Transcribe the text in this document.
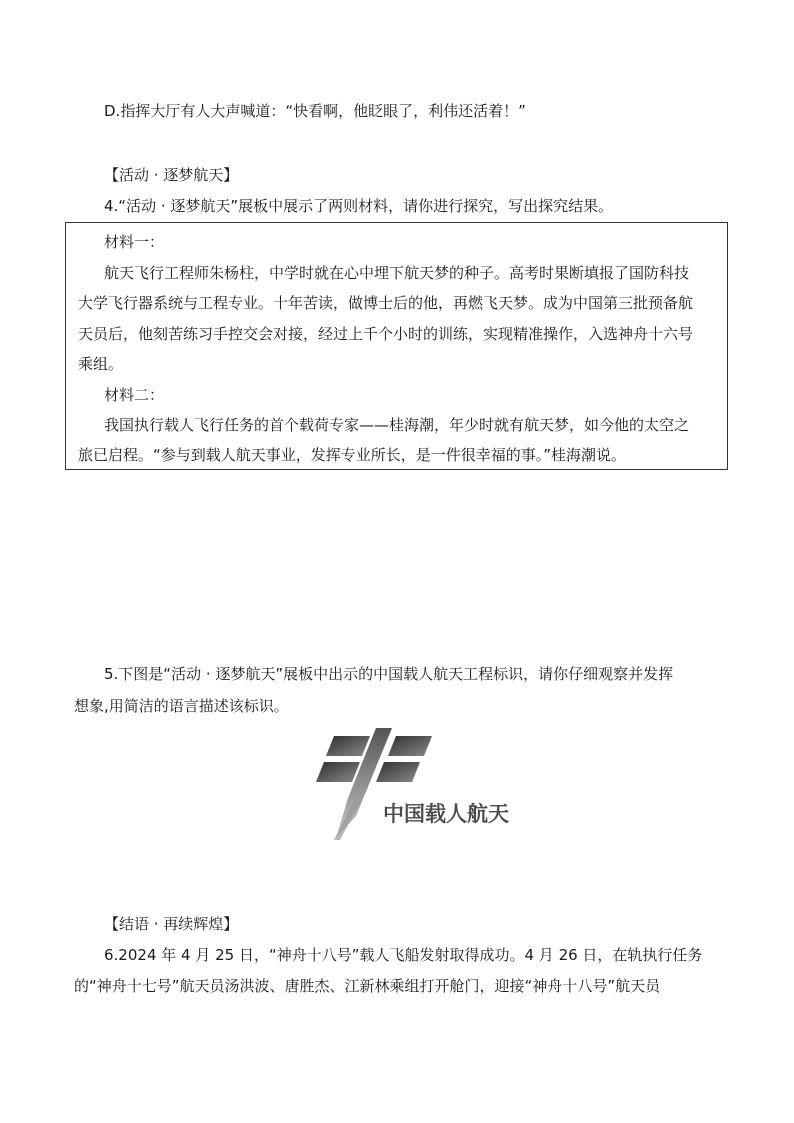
D.指挥大厅有人大声喊道：“快看啊，他眨眼了，利伟还活着！”
【活动 · 逐梦航天】
4.“活动 · 逐梦航天”展板中展示了两则材料，请你进行探究，写出探究结果。
材料一：
航天飞行工程师朱杨柱，中学时就在心中埋下航天梦的种子。高考时果断填报了国防科技
大学飞行器系统与工程专业。十年苦读，做博士后的他，再燃飞天梦。成为中国第三批预备航
天员后，他刻苦练习手控交会对接，经过上千个小时的训练，实现精准操作，入选神舟十六号
乘组。
材料二：
我国执行载人飞行任务的首个载荷专家——桂海潮，年少时就有航天梦，如今他的太空之
旅已启程。“参与到载人航天事业，发挥专业所长，是一件很幸福的事。”桂海潮说。
5.下图是“活动 · 逐梦航天”展板中出示的中国载人航天工程标识，请你仔细观察并发挥
想象,用简洁的语言描述该标识。
中国载人航天
【结语 · 再续辉煌】
6.2024 年 4 月 25 日，“神舟十八号”载人飞船发射取得成功。4 月 26 日，在轨执行任务
的“神舟十七号”航天员汤洪波、唐胜杰、江新林乘组打开舱门，迎接“神舟十八号”航天员
